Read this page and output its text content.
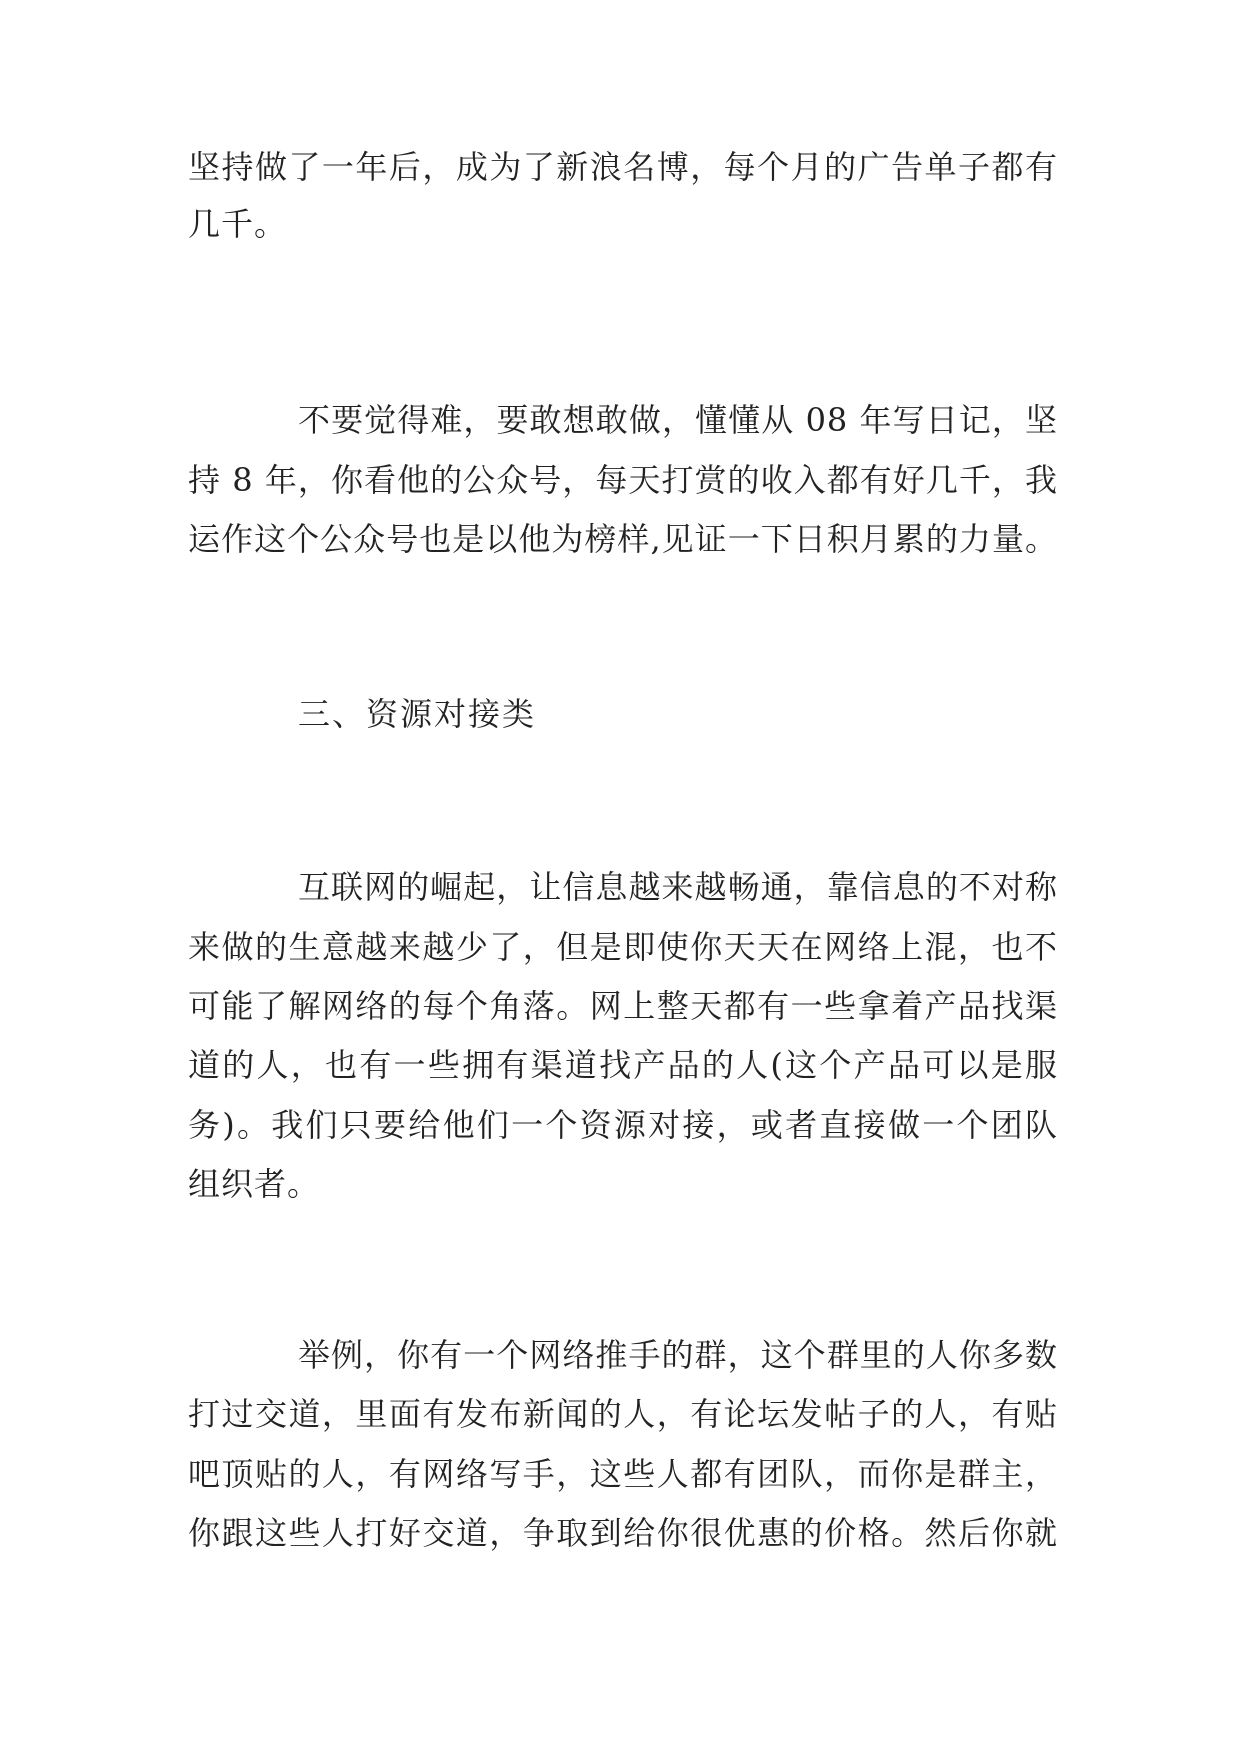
坚持做了一年后，成为了新浪名博，每个月的广告单子都有
几千。
不要觉得难，要敢想敢做，懂懂从 08 年写日记，坚
持 8 年，你看他的公众号，每天打赏的收入都有好几千，我
运作这个公众号也是以他为榜样,见证一下日积月累的力量。
三、资源对接类
互联网的崛起，让信息越来越畅通，靠信息的不对称
来做的生意越来越少了，但是即使你天天在网络上混，也不
可能了解网络的每个角落。网上整天都有一些拿着产品找渠
道的人，也有一些拥有渠道找产品的人(这个产品可以是服
务)。我们只要给他们一个资源对接，或者直接做一个团队
组织者。
举例，你有一个网络推手的群，这个群里的人你多数
打过交道，里面有发布新闻的人，有论坛发帖子的人，有贴
吧顶贴的人，有网络写手，这些人都有团队，而你是群主，
你跟这些人打好交道，争取到给你很优惠的价格。然后你就
